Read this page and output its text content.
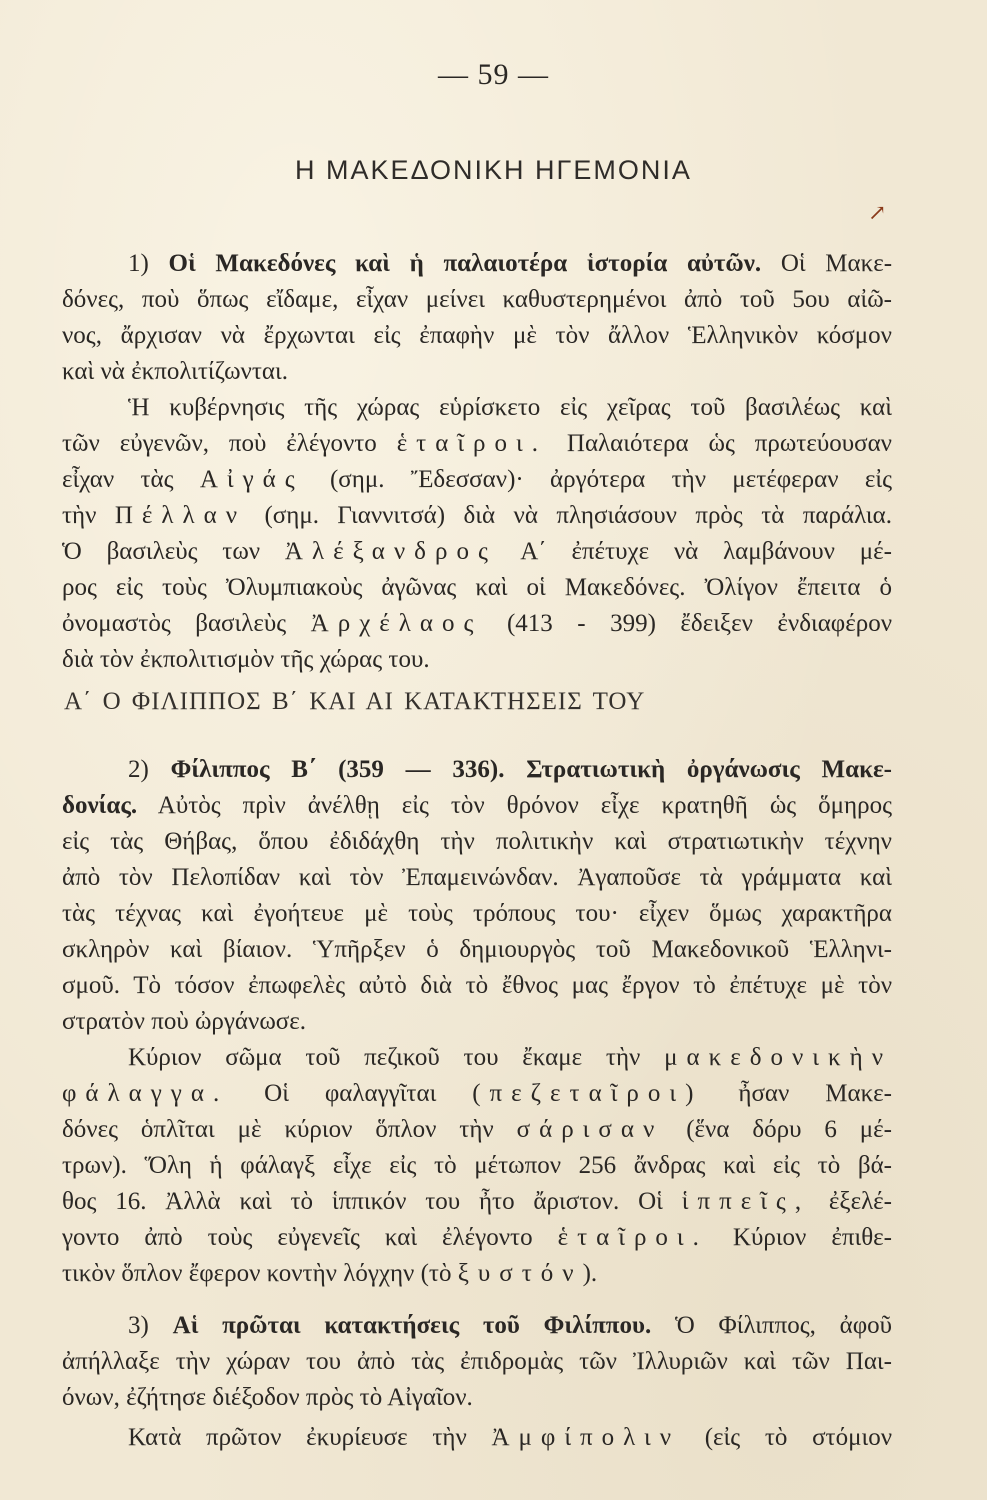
— 59 —
Η ΜΑΚΕΔΟΝΙΚΗ ΗΓΕΜΟΝΙΑ
↗
1) Οἱ Μακεδόνες καὶ ἡ παλαιοτέρα ἱστορία αὐτῶν. Οἱ Μακε-
δόνες, ποὺ ὅπως εἴδαμε, εἶχαν μείνει καθυστερημένοι ἀπὸ τοῦ 5ου αἰῶ-
νος, ἄρχισαν νὰ ἔρχωνται εἰς ἐπαφὴν μὲ τὸν ἄλλον Ἑλληνικὸν κόσμον
καὶ νὰ ἐκπολιτίζωνται.
Ἡ κυβέρνησις τῆς χώρας εὑρίσκετο εἰς χεῖρας τοῦ βασιλέως καὶ
τῶν εὐγενῶν, ποὺ ἐλέγοντο ἑταῖροι. Παλαιότερα ὡς πρωτεύουσαν
εἶχαν τὰς Αἰγάς (σημ. Ἔδεσσαν)· ἀργότερα τὴν μετέφεραν εἰς
τὴν Πέλλαν (σημ. Γιαννιτσά) διὰ νὰ πλησιάσουν πρὸς τὰ παράλια.
Ὁ βασιλεὺς των Ἀλέξανδρος Α΄ ἐπέτυχε νὰ λαμβάνουν μέ-
ρος εἰς τοὺς Ὀλυμπιακοὺς ἀγῶνας καὶ οἱ Μακεδόνες. Ὀλίγον ἔπειτα ὁ
ὀνομαστὸς βασιλεὺς Ἀρχέλαος (413 - 399) ἔδειξεν ἐνδιαφέρον
διὰ τὸν ἐκπολιτισμὸν τῆς χώρας του.
Α΄ Ο ΦΙΛΙΠΠΟΣ Β΄ ΚΑΙ ΑΙ ΚΑΤΑΚΤΗΣΕΙΣ ΤΟΥ
2) Φίλιππος Β΄ (359 — 336). Στρατιωτικὴ ὀργάνωσις Μακε-
δονίας. Αὐτὸς πρὶν ἀνέλθῃ εἰς τὸν θρόνον εἶχε κρατηθῆ ὡς ὅμηρος
εἰς τὰς Θήβας, ὅπου ἐδιδάχθη τὴν πολιτικὴν καὶ στρατιωτικὴν τέχνην
ἀπὸ τὸν Πελοπίδαν καὶ τὸν Ἐπαμεινώνδαν. Ἀγαποῦσε τὰ γράμματα καὶ
τὰς τέχνας καὶ ἐγοήτευε μὲ τοὺς τρόπους του· εἶχεν ὅμως χαρακτῆρα
σκληρὸν καὶ βίαιον. Ὑπῆρξεν ὁ δημιουργὸς τοῦ Μακεδονικοῦ Ἑλληνι-
σμοῦ. Τὸ τόσον ἐπωφελὲς αὐτὸ διὰ τὸ ἔθνος μας ἔργον τὸ ἐπέτυχε μὲ τὸν
στρατὸν ποὺ ὠργάνωσε.
Κύριον σῶμα τοῦ πεζικοῦ του ἔκαμε τὴν μακεδονικὴν
φάλαγγα. Οἱ φαλαγγῖται (πεζεταῖροι) ἦσαν Μακε-
δόνες ὁπλῖται μὲ κύριον ὅπλον τὴν σάρισαν (ἕνα δόρυ 6 μέ-
τρων). Ὅλη ἡ φάλαγξ εἶχε εἰς τὸ μέτωπον 256 ἄνδρας καὶ εἰς τὸ βά-
θος 16. Ἀλλὰ καὶ τὸ ἱππικόν του ἦτο ἄριστον. Οἱ ἱππεῖς, ἐξελέ-
γοντο ἀπὸ τοὺς εὐγενεῖς καὶ ἐλέγοντο ἑταῖροι. Κύριον ἐπιθε-
τικὸν ὅπλον ἔφερον κοντὴν λόγχην (τὸ ξυστόν).
3) Αἱ πρῶται κατακτήσεις τοῦ Φιλίππου. Ὁ Φίλιππος, ἀφοῦ
ἀπήλλαξε τὴν χώραν του ἀπὸ τὰς ἐπιδρομὰς τῶν Ἰλλυριῶν καὶ τῶν Παι-
όνων, ἐζήτησε διέξοδον πρὸς τὸ Αἰγαῖον.
Κατὰ πρῶτον ἐκυρίευσε τὴν Ἀμφίπολιν (εἰς τὸ στόμιον
